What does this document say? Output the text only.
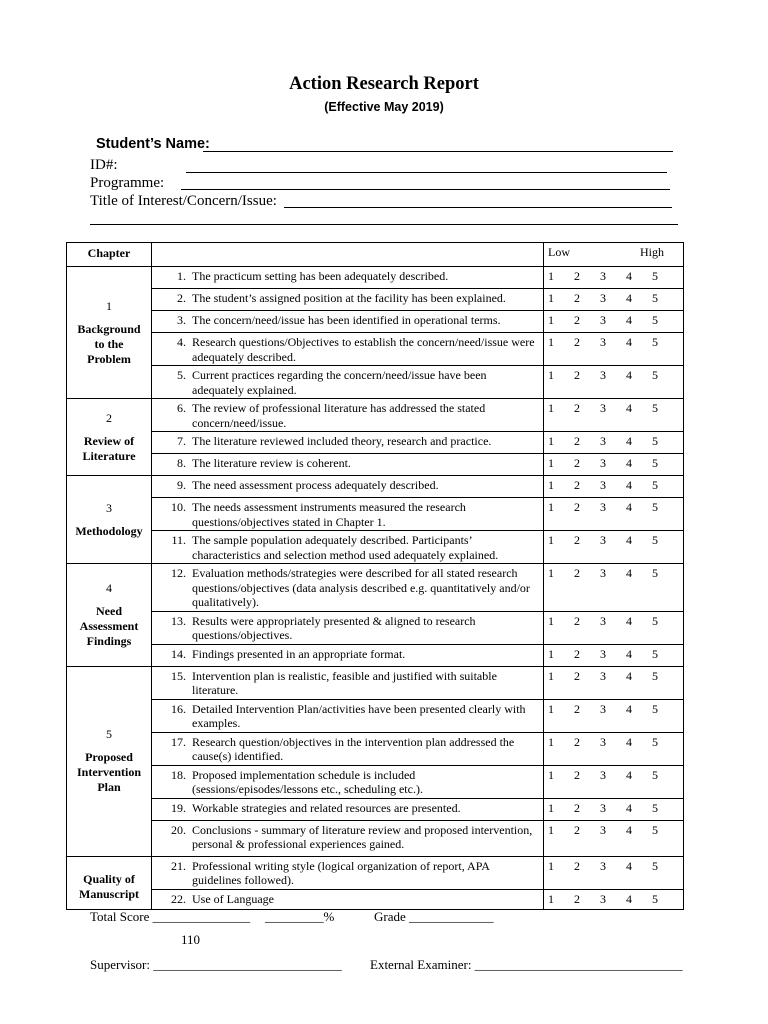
Action Research Report
(Effective May 2019)
Student’s Name:
ID#:
Programme:
Title of Interest/Concern/Issue:
Chapter		Low High

1
Background to the Problem	1. The practicum setting has been adequately described.	1 2 3 4 5

	2. The student’s assigned position at the facility has been explained.	1 2 3 4 5

	3. The concern/need/issue has been identified in operational terms.	1 2 3 4 5

	4. Research questions/Objectives to establish the concern/need/issue were adequately described.	1 2 3 4 5

	5. Current practices regarding the concern/need/issue have been adequately explained.	1 2 3 4 5

2
Review of Literature	6. The review of professional literature has addressed the stated concern/need/issue.	1 2 3 4 5

	7. The literature reviewed included theory, research and practice.	1 2 3 4 5

	8. The literature review is coherent.	1 2 3 4 5

3
Methodology	9. The need assessment process adequately described.	1 2 3 4 5

	10. The needs assessment instruments measured the research questions/objectives stated in Chapter 1.	1 2 3 4 5

	11. The sample population adequately described. Participants’ characteristics and selection method used adequately explained.	1 2 3 4 5

4
Need Assessment Findings	12. Evaluation methods/strategies were described for all stated research questions/objectives (data analysis described e.g. quantitatively and/or qualitatively).	1 2 3 4 5

	13. Results were appropriately presented & aligned to research questions/objectives.	1 2 3 4 5

	14. Findings presented in an appropriate format.	1 2 3 4 5

5
Proposed Intervention Plan	15. Intervention plan is realistic, feasible and justified with suitable literature.	1 2 3 4 5

	16. Detailed Intervention Plan/activities have been presented clearly with examples.	1 2 3 4 5

	17. Research question/objectives in the intervention plan addressed the cause(s) identified.	1 2 3 4 5

	18. Proposed implementation schedule is included (sessions/episodes/lessons etc., scheduling etc.).	1 2 3 4 5

	19. Workable strategies and related resources are presented.	1 2 3 4 5

	20. Conclusions - summary of literature review and proposed intervention, personal & professional experiences gained.	1 2 3 4 5

Quality of Manuscript	21. Professional writing style (logical organization of report, APA guidelines followed).	1 2 3 4 5

	22. Use of Language	1 2 3 4 5
Total Score _______________ _________%	Grade _____________
110
Supervisor: _____________________________ External Examiner: ________________________________
